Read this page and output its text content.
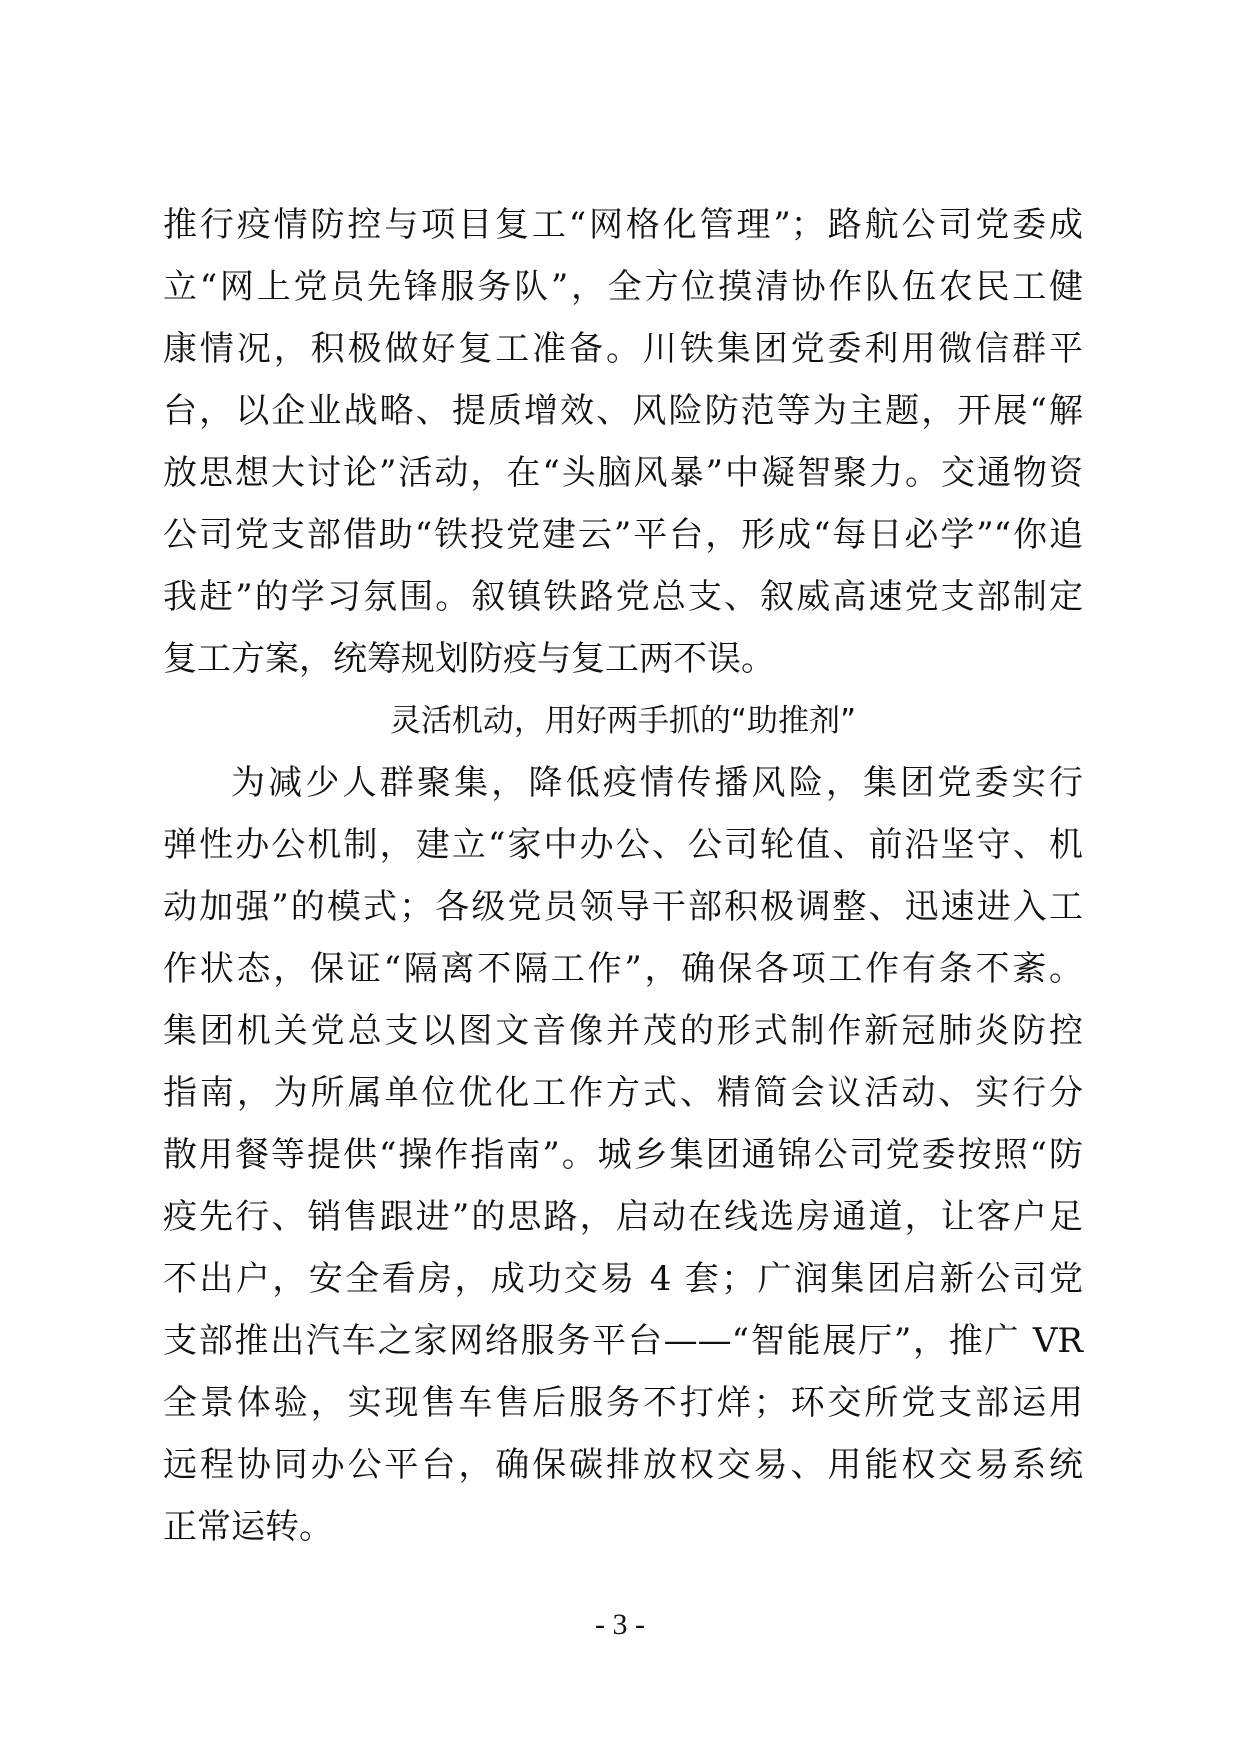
推行疫情防控与项目复工“网格化管理”；路航公司党委成
立“网上党员先锋服务队”，全方位摸清协作队伍农民工健
康情况，积极做好复工准备。川铁集团党委利用微信群平
台，以企业战略、提质增效、风险防范等为主题，开展“解
放思想大讨论”活动，在“头脑风暴”中凝智聚力。交通物资
公司党支部借助“铁投党建云”平台，形成“每日必学”“你追
我赶”的学习氛围。叙镇铁路党总支、叙威高速党支部制定
复工方案，统筹规划防疫与复工两不误。
灵活机动，用好两手抓的“助推剂”
为减少人群聚集，降低疫情传播风险，集团党委实行
弹性办公机制，建立“家中办公、公司轮值、前沿坚守、机
动加强”的模式；各级党员领导干部积极调整、迅速进入工
作状态，保证“隔离不隔工作”，确保各项工作有条不紊。
集团机关党总支以图文音像并茂的形式制作新冠肺炎防控
指南，为所属单位优化工作方式、精简会议活动、实行分
散用餐等提供“操作指南”。城乡集团通锦公司党委按照“防
疫先行、销售跟进”的思路，启动在线选房通道，让客户足
不出户，安全看房，成功交易 4 套；广润集团启新公司党
支部推出汽车之家网络服务平台——“智能展厅”，推广 VR
全景体验，实现售车售后服务不打烊；环交所党支部运用
远程协同办公平台，确保碳排放权交易、用能权交易系统
正常运转。
- 3 -
